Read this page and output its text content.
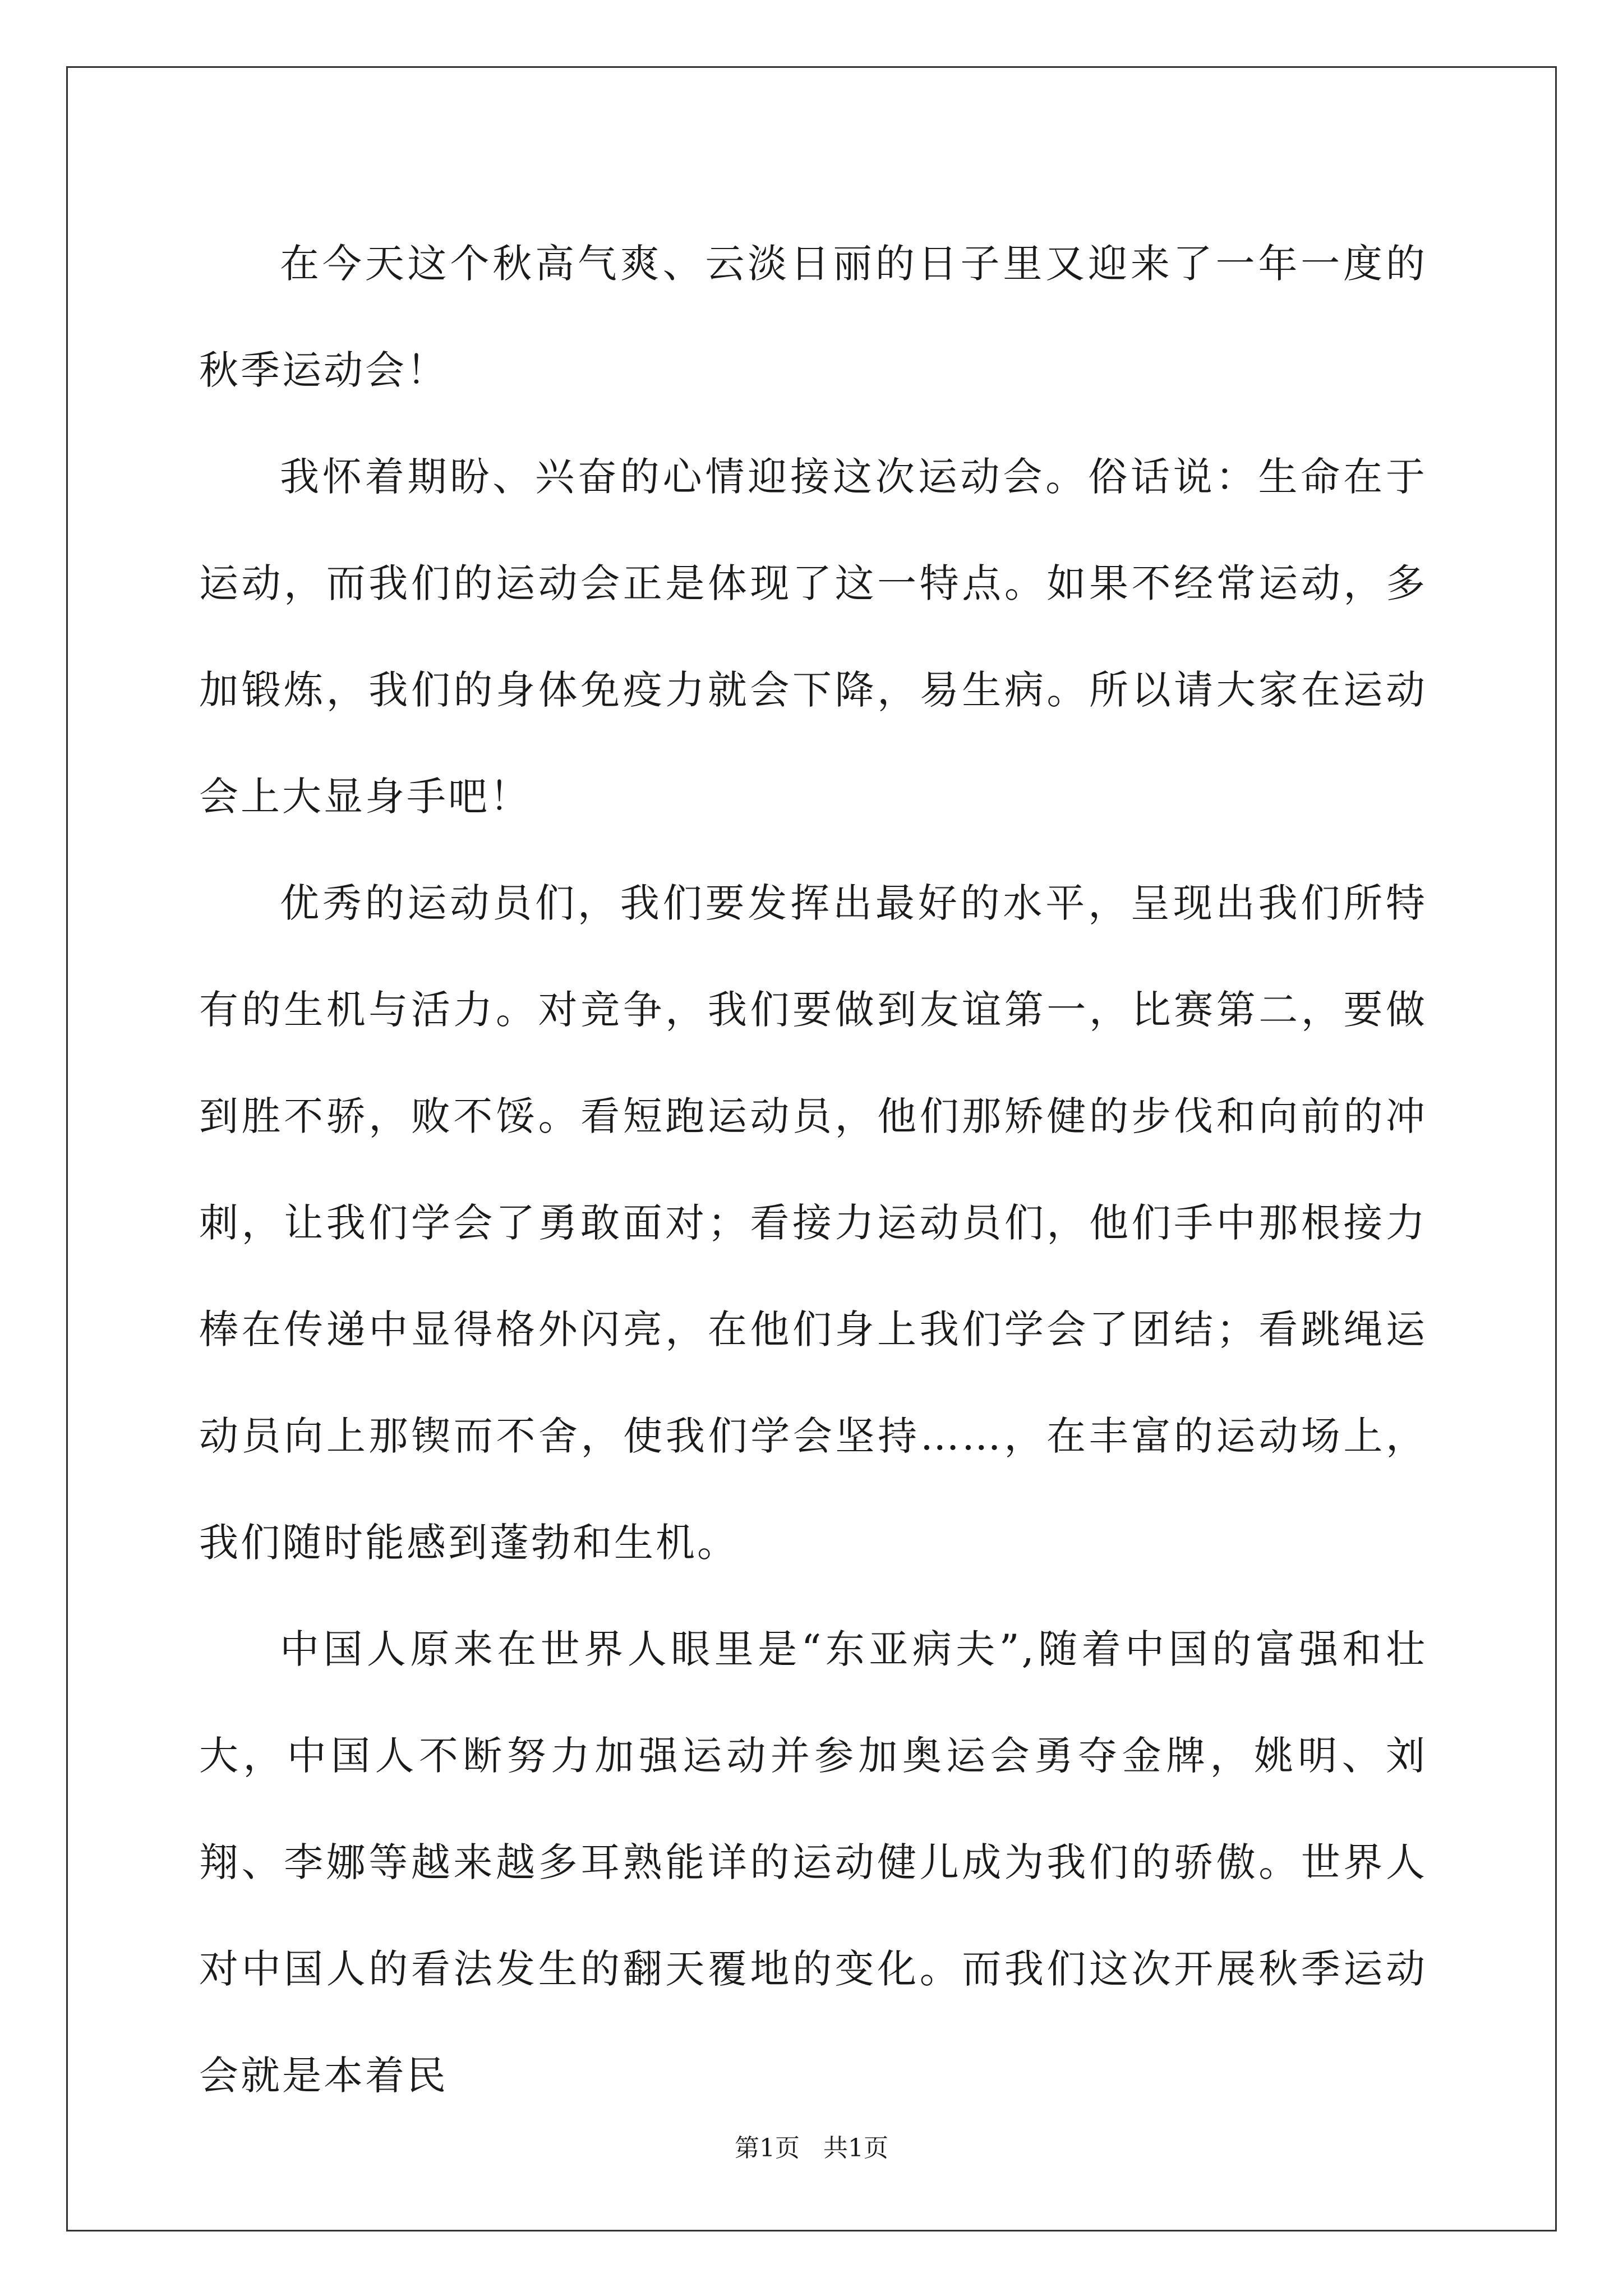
在今天这个秋高气爽、云淡日丽的日子里又迎来了一年一度的秋季运动会！

我怀着期盼、兴奋的心情迎接这次运动会。俗话说：生命在于运动，而我们的运动会正是体现了这一特点。如果不经常运动，多加锻炼，我们的身体免疫力就会下降，易生病。所以请大家在运动会上大显身手吧！

优秀的运动员们，我们要发挥出最好的水平，呈现出我们所特有的生机与活力。对竞争，我们要做到友谊第一，比赛第二，要做到胜不骄，败不馁。看短跑运动员，他们那矫健的步伐和向前的冲刺，让我们学会了勇敢面对；看接力运动员们，他们手中那根接力棒在传递中显得格外闪亮，在他们身上我们学会了团结；看跳绳运动员向上那锲而不舍，使我们学会坚持……，在丰富的运动场上，我们随时能感到蓬勃和生机。

中国人原来在世界人眼里是“东亚病夫”,随着中国的富强和壮大，中国人不断努力加强运动并参加奥运会勇夺金牌，姚明、刘翔、李娜等越来越多耳熟能详的运动健儿成为我们的骄傲。世界人对中国人的看法发生的翻天覆地的变化。而我们这次开展秋季运动会就是本着民

第1页 共1页
